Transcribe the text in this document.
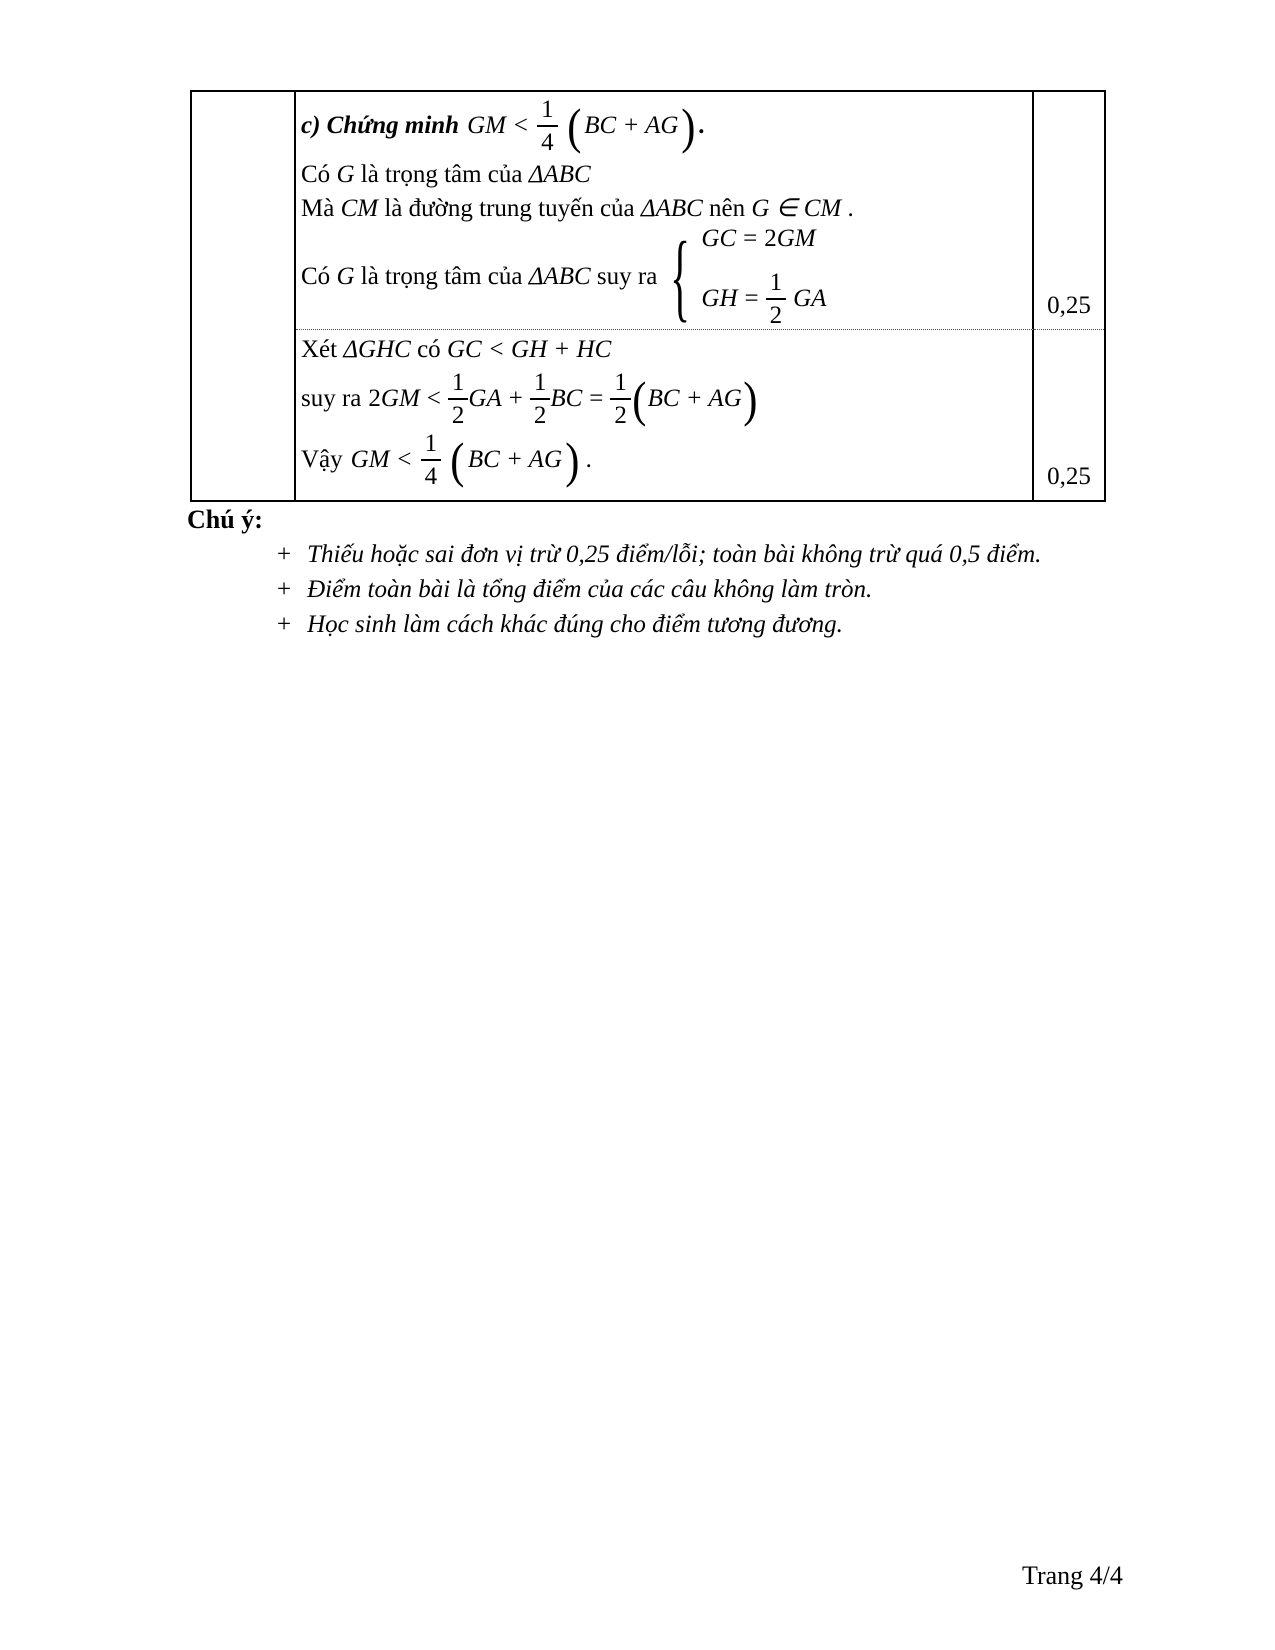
c) Chứng minh GM < $\frac{1}{4}$ ( BC + AG ) .
Có G là trọng tâm của ΔABC
Mà CM là đường trung tuyến của ΔABC nên G ∈ CM .
Có G là trọng tâm của ΔABC suy ra { GC = 2 GM
GH = $\frac{1}{2}$ GA	0,25
Xét ΔGHC có GC < GH + HC
suy ra 2 GM < $\frac{1}{2}$ GA + $\frac{1}{2}$ BC = $\frac{1}{2}$ ( BC + AG )
Vậy GM < $\frac{1}{4}$ ( BC + AG ) .
0,25
Chú ý:
+ Thiếu hoặc sai đơn vị trừ 0,25 điểm/lỗi; toàn bài không trừ quá 0,5 điểm.
+ Điểm toàn bài là tổng điểm của các câu không làm tròn.
+ Học sinh làm cách khác đúng cho điểm tương đương.
Trang 4/4
